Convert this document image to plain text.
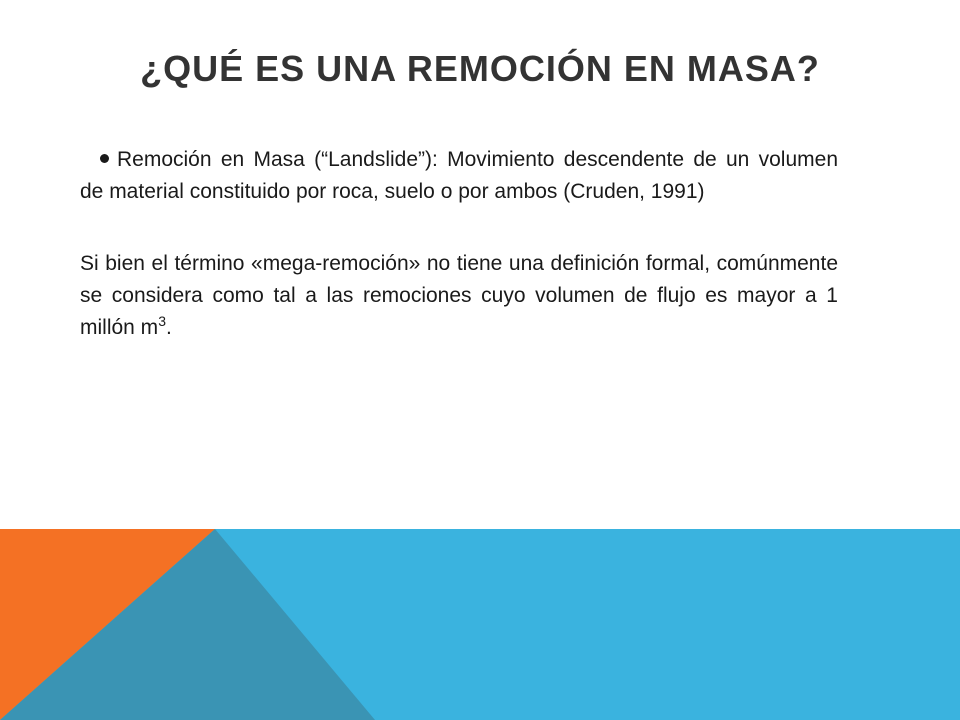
¿QUÉ ES UNA REMOCIÓN EN MASA?

Remoción en Masa (“Landslide”): Movimiento descendente de un volumen de material constituido por roca, suelo o por ambos (Cruden, 1991)

Si bien el término «mega-remoción» no tiene una definición formal, comúnmente se considera como tal a las remociones cuyo volumen de flujo es mayor a 1 millón $m^3$.
